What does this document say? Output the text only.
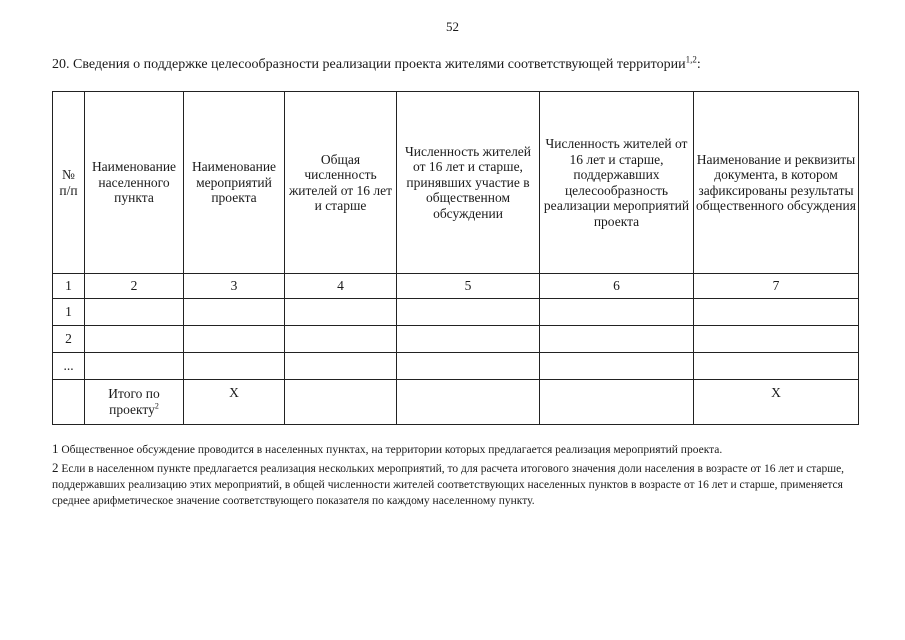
52
20. Сведения о поддержке целесообразности реализации проекта жителями соответствующей территории$^{1,2}$:
№ п/п	Наименование населенного пункта	Наименование мероприятий проекта	Общая численность жителей от 16 лет и старше	Численность жителей от 16 лет и старше, принявших участие в общественном обсуждении	Численность жителей от 16 лет и старше, поддержавших целесообразность реализации мероприятий проекта	Наименование и реквизиты документа, в котором зафиксированы результаты общественного обсуждения
1	2	3	4	5	6	7
1						
2						
...						
	Итого по проекту$^2$	X				X

1 Общественное обсуждение проводится в населенных пунктах, на территории которых предлагается реализация мероприятий проекта.

2 Если в населенном пункте предлагается реализация нескольких мероприятий, то для расчета итогового значения доли населения в возрасте от 16 лет и старше, поддержавших реализацию этих мероприятий, в общей численности жителей соответствующих населенных пунктов в возрасте от 16 лет и старше, применяется среднее арифметическое значение соответствующего показателя по каждому населенному пункту.
